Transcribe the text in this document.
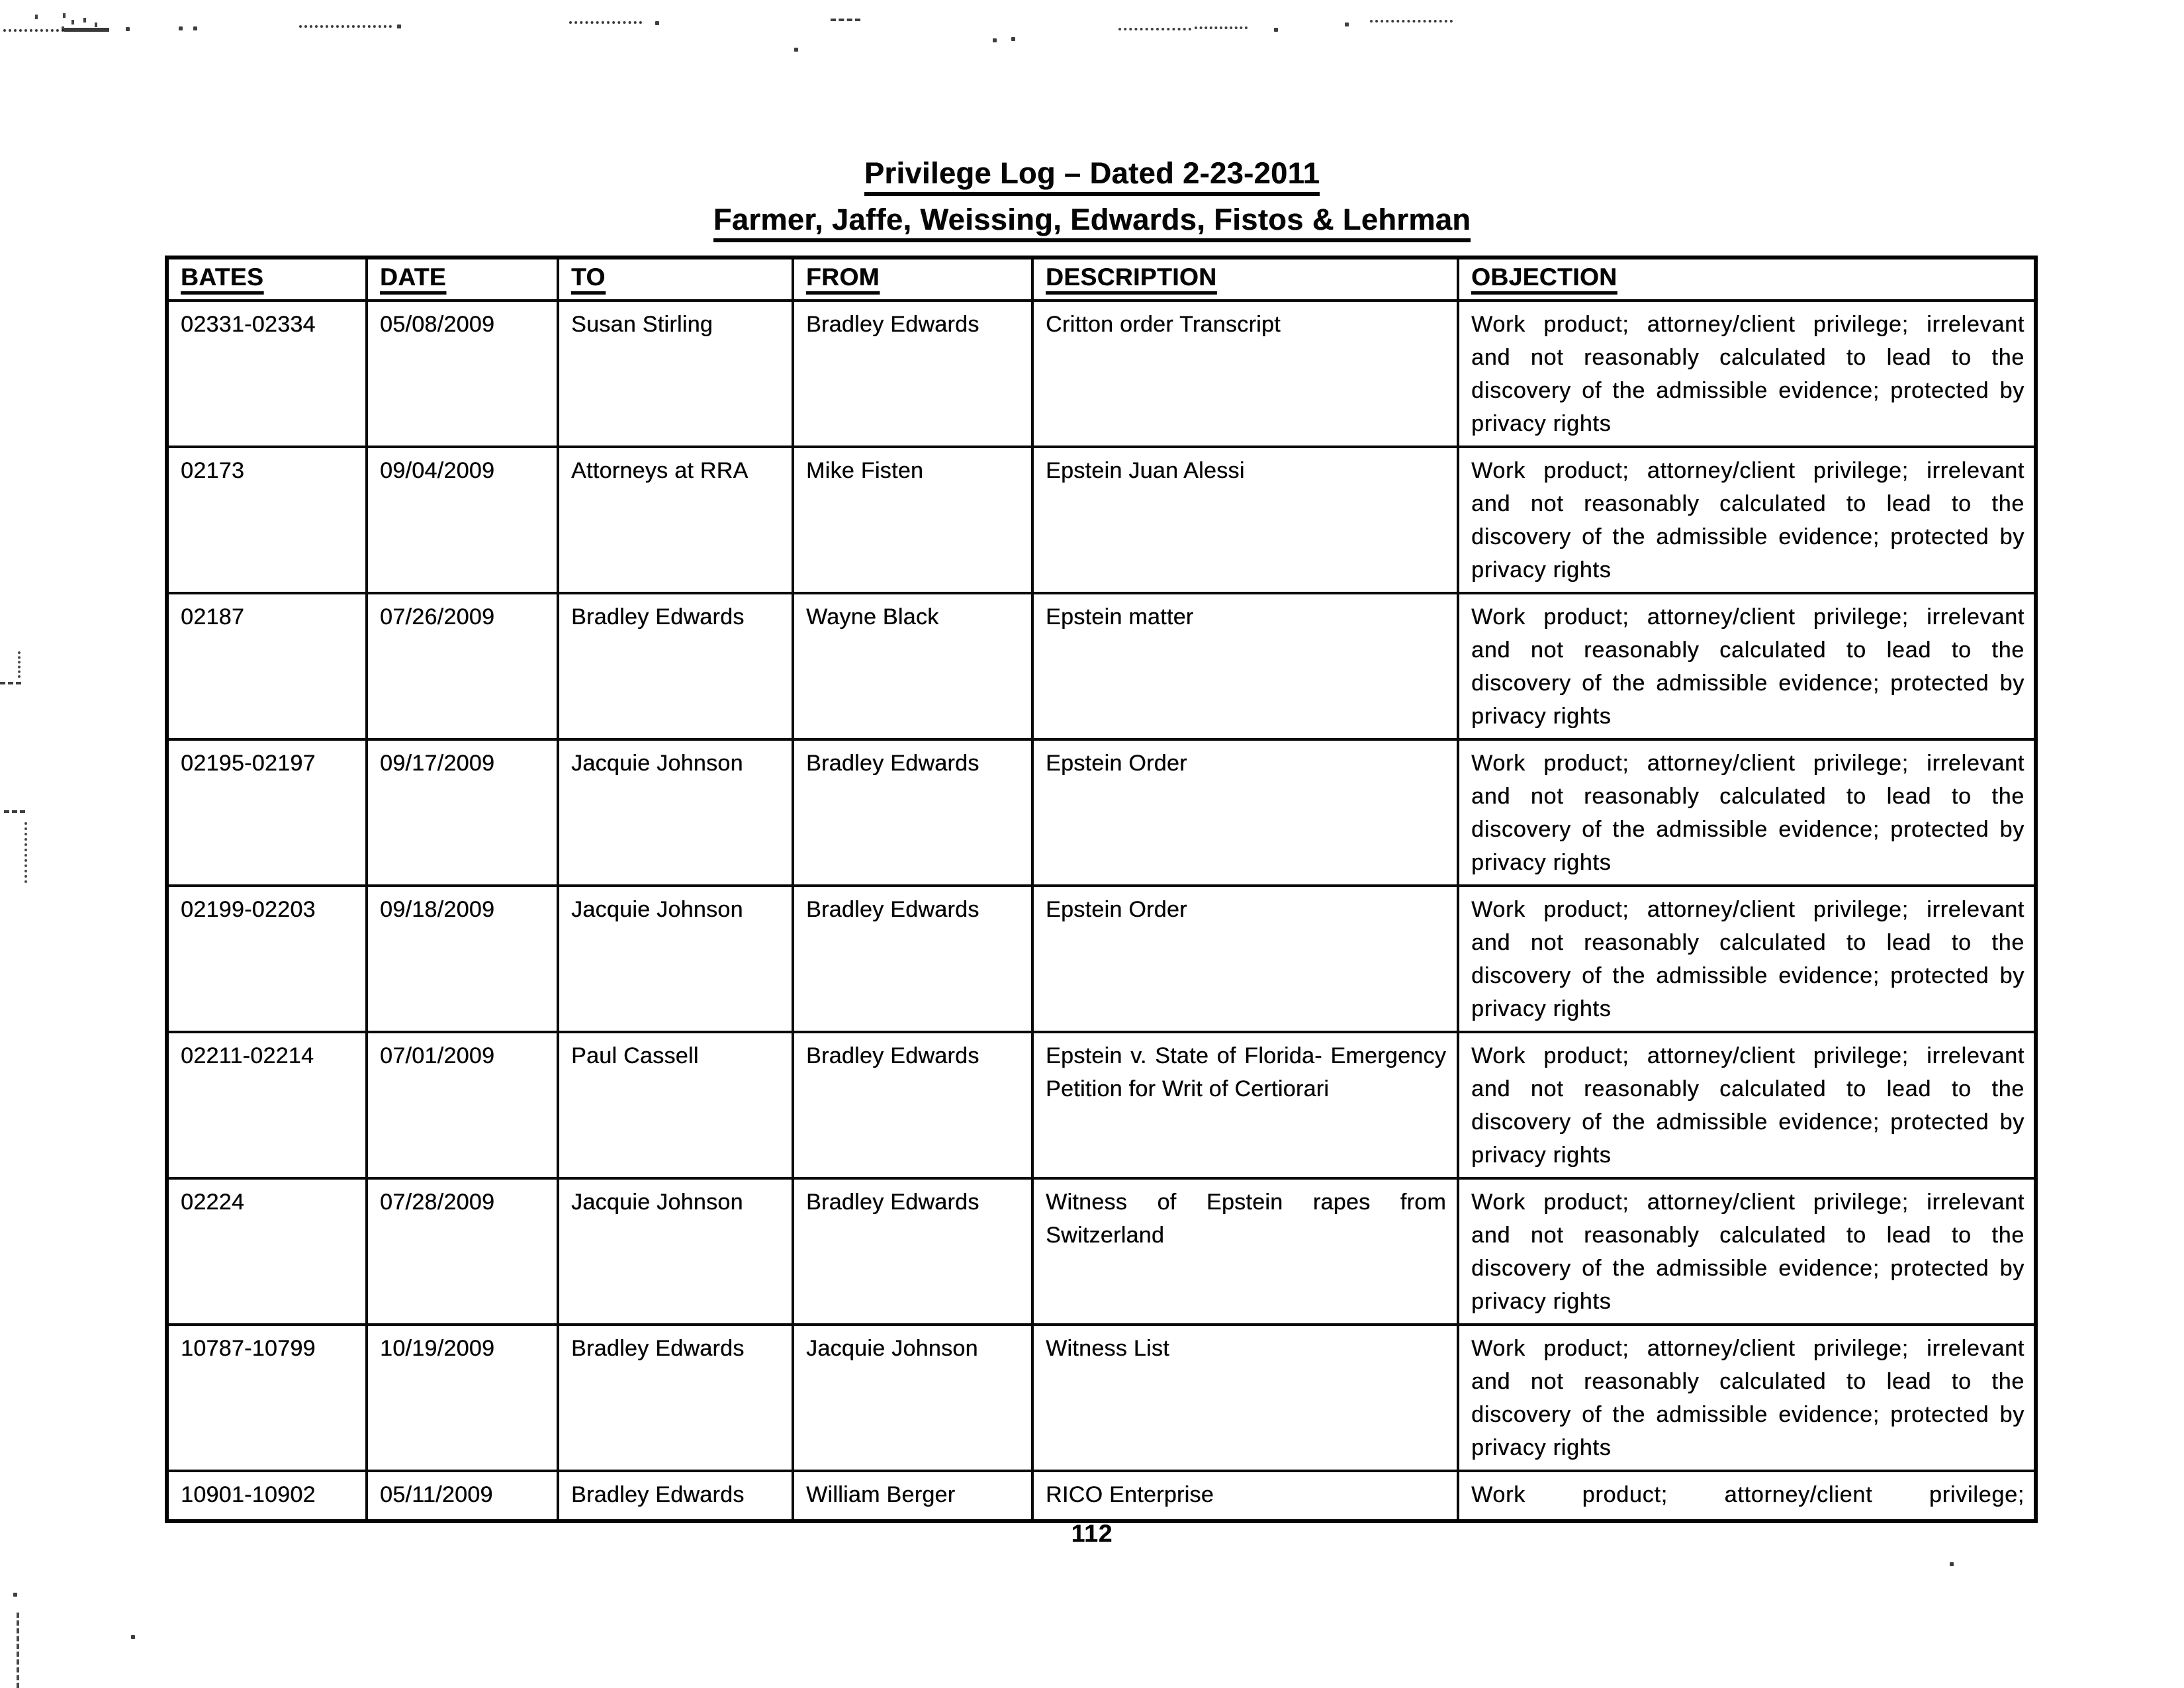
Privilege Log – Dated 2-23-2011
Farmer, Jaffe, Weissing, Edwards, Fistos & Lehrman
BATES	DATE	TO	FROM	DESCRIPTION	OBJECTION
02331-02334	05/08/2009	Susan Stirling	Bradley Edwards	Critton order Transcript	Work product; attorney/client privilege; irrelevant and not reasonably calculated to lead to the discovery of the admissible evidence; protected by privacy rights
02173	09/04/2009	Attorneys at RRA	Mike Fisten	Epstein Juan Alessi	Work product; attorney/client privilege; irrelevant and not reasonably calculated to lead to the discovery of the admissible evidence; protected by privacy rights
02187	07/26/2009	Bradley Edwards	Wayne Black	Epstein matter	Work product; attorney/client privilege; irrelevant and not reasonably calculated to lead to the discovery of the admissible evidence; protected by privacy rights
02195-02197	09/17/2009	Jacquie Johnson	Bradley Edwards	Epstein Order	Work product; attorney/client privilege; irrelevant and not reasonably calculated to lead to the discovery of the admissible evidence; protected by privacy rights
02199-02203	09/18/2009	Jacquie Johnson	Bradley Edwards	Epstein Order	Work product; attorney/client privilege; irrelevant and not reasonably calculated to lead to the discovery of the admissible evidence; protected by privacy rights
02211-02214	07/01/2009	Paul Cassell	Bradley Edwards	Epstein v. State of Florida- Emergency Petition for Writ of Certiorari	Work product; attorney/client privilege; irrelevant and not reasonably calculated to lead to the discovery of the admissible evidence; protected by privacy rights
02224	07/28/2009	Jacquie Johnson	Bradley Edwards	Witness of Epstein rapes from Switzerland	Work product; attorney/client privilege; irrelevant and not reasonably calculated to lead to the discovery of the admissible evidence; protected by privacy rights
10787-10799	10/19/2009	Bradley Edwards	Jacquie Johnson	Witness List	Work product; attorney/client privilege; irrelevant and not reasonably calculated to lead to the discovery of the admissible evidence; protected by privacy rights
10901-10902	05/11/2009	Bradley Edwards	William Berger	RICO Enterprise	Work product; attorney/client privilege;
112
